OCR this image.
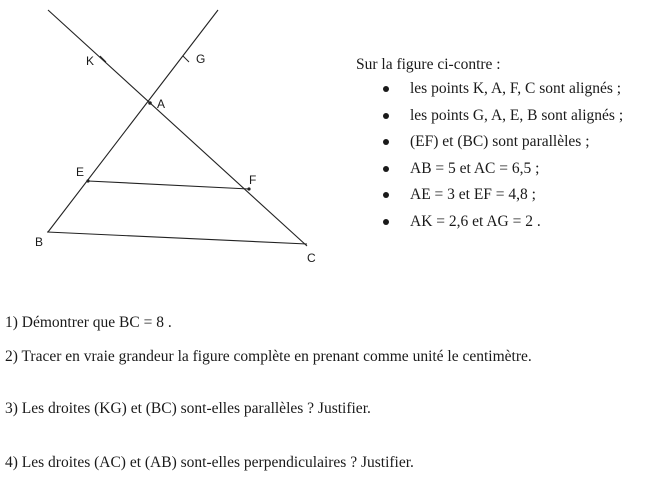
K	G
A
E
F
B
C

Sur la figure ci-contre :

les points K, A, F, C sont alignés ;
les points G, A, E, B sont alignés ;
(EF) et (BC) sont parallèles ;
AB = 5 et AC = 6,5 ;
AE = 3 et EF = 4,8 ;
AK = 2,6 et AG = 2 .
1) Démontrer que BC = 8 .
2) Tracer en vraie grandeur la figure complète en prenant comme unité le centimètre.
3) Les droites (KG) et (BC) sont-elles parallèles ? Justifier.
4) Les droites (AC) et (AB) sont-elles perpendiculaires ? Justifier.
